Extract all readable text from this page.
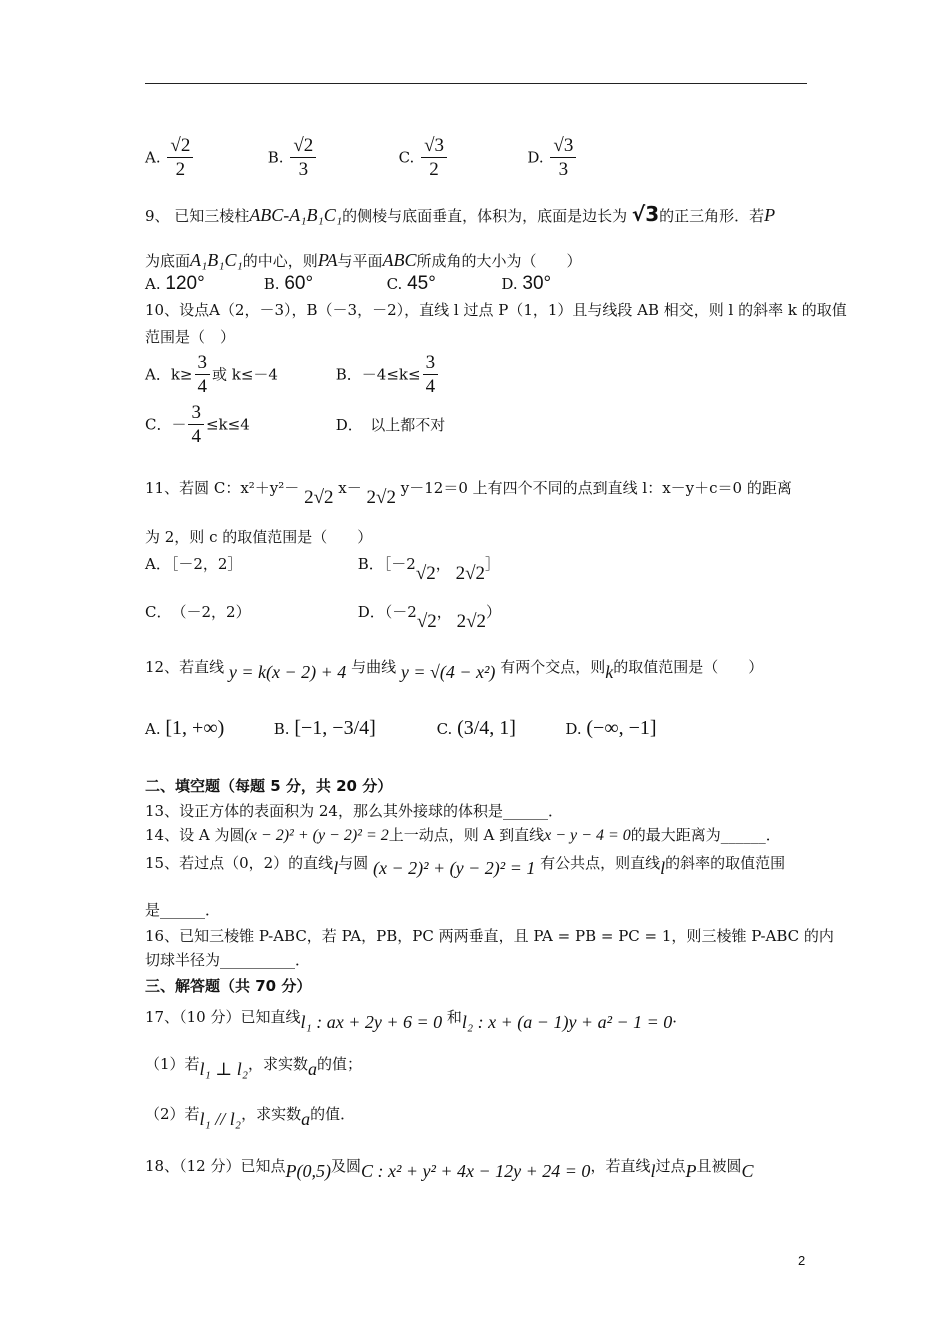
A. $\frac{√2}{2}$	B. $\frac{√2}{3}$	C. $\frac{√3}{2}$	D. $\frac{√3}{3}$
9、 已知三棱柱ABC-A₁B₁C₁的侧棱与底面垂直，体积为，底面是边长为 √3的正三角形．若P
为底面A₁B₁C₁的中心，则PA与平面ABC所成角的大小为（　　）
A. 120°	B. 60°	C. 45°	D. 30°
10、设点A（2，－3），B（－3，－2），直线 l 过点 P（1，1）且与线段 AB 相交，则 l 的斜率 k 的取值
范围是（　）
A．$k\ge \frac{3}{4}$ 或 k≤－4	B．$-4\le k\le \frac{3}{4}$
C．－ $\frac{3}{4} \le k\le 4$	D．　以上都不对
11、若圆 C：x²＋y²－ 2√2 x－ 2√2 y－12＝0 上有四个不同的点到直线 l：x－y＋c＝0 的距离
为 2，则 c 的取值范围是（　　）
A．［－2，2］	B．［－2√2， 2√2］
C．　（－2，2）	D．（－2√2， 2√2）
12、若直线 y = k(x − 2) + 4 与曲线 y = √(4 − x²) 有两个交点，则k的取值范围是（　　）
A. [1, +∞)	B. [−1, −3/4]	C. (3/4, 1]	D. (−∞, −1]
二、填空题（每题 5 分，共 20 分）
13、设正方体的表面积为 24，那么其外接球的体积是______．
14、设 A 为圆(x − 2)² + (y − 2)² = 2上一动点，则 A 到直线x − y − 4 = 0的最大距离为______．
15、若过点（0，2）的直线l与圆 (x − 2)² + (y − 2)² = 1 有公共点，则直线l的斜率的取值范围
是______．
16、已知三棱锥 P-ABC，若 PA，PB，PC 两两垂直，且 PA = PB = PC = 1，则三棱锥 P-ABC 的内
切球半径为__________．
三、解答题（共 70 分）
17、（10 分）已知直线l₁ : ax + 2y + 6 = 0 和l₂ : x + (a − 1)y + a² − 1 = 0．
（1）若l₁ ⊥ l₂，求实数a的值；
（2）若l₁ // l₂，求实数a的值．
18、（12 分）已知点P(0,5)及圆C : x² + y² + 4x − 12y + 24 = 0，若直线l过点P且被圆C
2
